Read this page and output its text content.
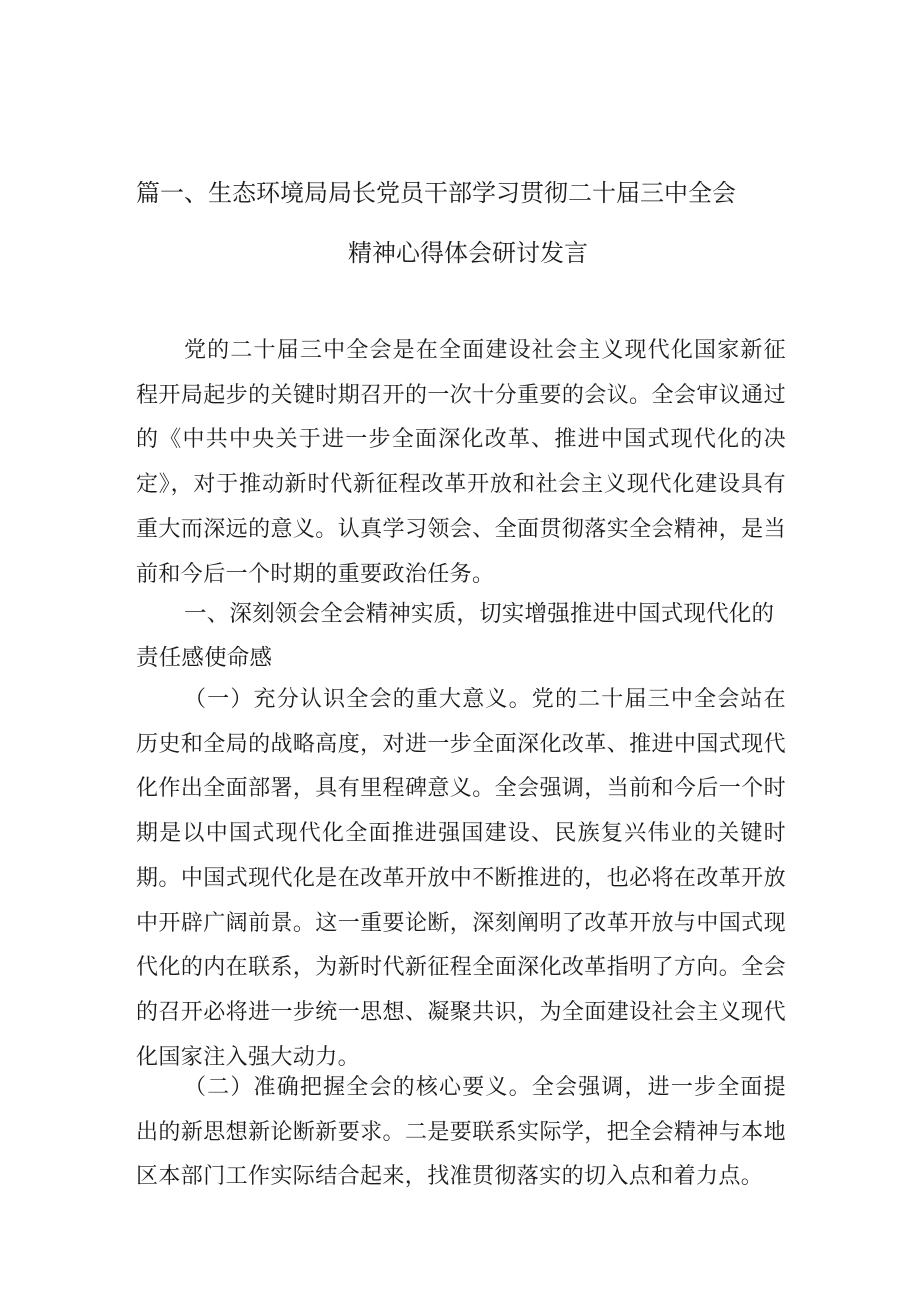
篇一、生态环境局局长党员干部学习贯彻二十届三中全会
精神心得体会研讨发言

党的二十届三中全会是在全面建设社会主义现代化国家新征程开局起步的关键时期召开的一次十分重要的会议。全会审议通过的《中共中央关于进一步全面深化改革、推进中国式现代化的决定》，对于推动新时代新征程改革开放和社会主义现代化建设具有重大而深远的意义。认真学习领会、全面贯彻落实全会精神，是当前和今后一个时期的重要政治任务。

一、深刻领会全会精神实质，切实增强推进中国式现代化的责任感使命感

（一）充分认识全会的重大意义。党的二十届三中全会站在历史和全局的战略高度，对进一步全面深化改革、推进中国式现代化作出全面部署，具有里程碑意义。全会强调，当前和今后一个时期是以中国式现代化全面推进强国建设、民族复兴伟业的关键时期。中国式现代化是在改革开放中不断推进的，也必将在改革开放中开辟广阔前景。这一重要论断，深刻阐明了改革开放与中国式现代化的内在联系，为新时代新征程全面深化改革指明了方向。全会的召开必将进一步统一思想、凝聚共识，为全面建设社会主义现代化国家注入强大动力。

（二）准确把握全会的核心要义。全会强调，进一步全面提出的新思想新论断新要求。二是要联系实际学，把全会精神与本地区本部门工作实际结合起来，找准贯彻落实的切入点和着力点。
